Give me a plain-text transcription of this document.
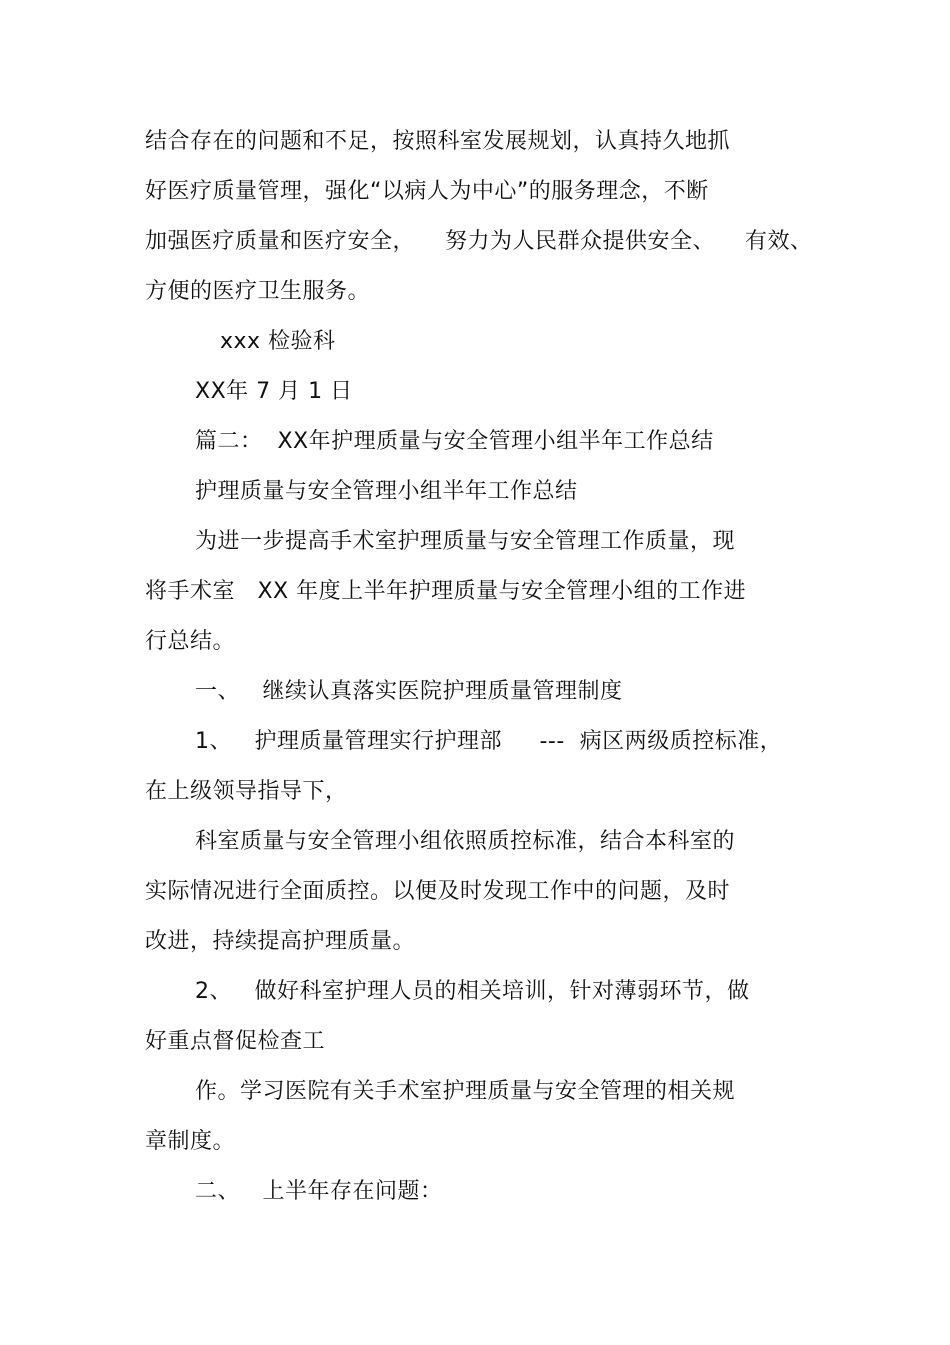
结合存在的问题和不足，按照科室发展规划，认真持久地抓
好医疗质量管理，强化“以病人为中心”的服务理念，不断
加强医疗质量和医疗安全，    努力为人民群众提供安全、    有效、
方便的医疗卫生服务。
xxx 检验科
XX年 7 月 1 日
篇二：  XX年护理质量与安全管理小组半年工作总结
护理质量与安全管理小组半年工作总结
为进一步提高手术室护理质量与安全管理工作质量，现
将手术室   XX 年度上半年护理质量与安全管理小组的工作进
行总结。
一、   继续认真落实医院护理质量管理制度
1、   护理质量管理实行护理部     ---  病区两级质控标准，
在上级领导指导下，
科室质量与安全管理小组依照质控标准，结合本科室的
实际情况进行全面质控。以便及时发现工作中的问题，及时
改进，持续提高护理质量。
2、   做好科室护理人员的相关培训，针对薄弱环节，做
好重点督促检查工
作。学习医院有关手术室护理质量与安全管理的相关规
章制度。
二、   上半年存在问题：
